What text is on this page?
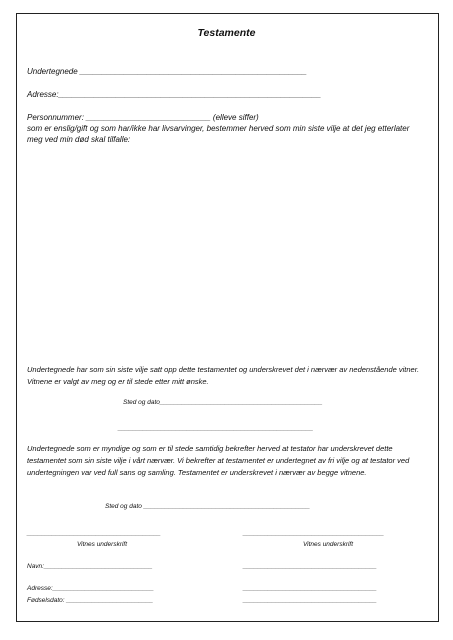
Testamente
Undertegnede ___________________________________________________
Adresse:___________________________________________________________
Personnummer: ____________________________ (elleve siffer)
som er enslig/gift og som har/ikke har livsarvinger, bestemmer herved som min siste vilje at det jeg etterlater meg ved min død skal tilfalle:
Undertegnede har som sin siste vilje satt opp dette testamentet og underskrevet det i nærvær av nedenstående vitner. Vitnene er valgt av meg og er til stede etter mitt ønske.
Sted og dato_____________________________________________
______________________________________________________
Undertegnede som er myndige og som er til stede samtidig bekrefter herved at testator har underskrevet dette testamentet som sin siste vilje i vårt nærvær. Vi bekrefter at testamentet er undertegnet av fri vilje og at testator ved undertegningen var ved full sans og samling. Testamentet er underskrevet i nærvær av begge vitnene.
Sted og dato ______________________________________________
_____________________________________
Vitnes underskrift
Navn:______________________________
Adresse:____________________________
Fødselsdato: ________________________
_______________________________________
Vitnes underskrift
_____________________________________
_____________________________________
_____________________________________
